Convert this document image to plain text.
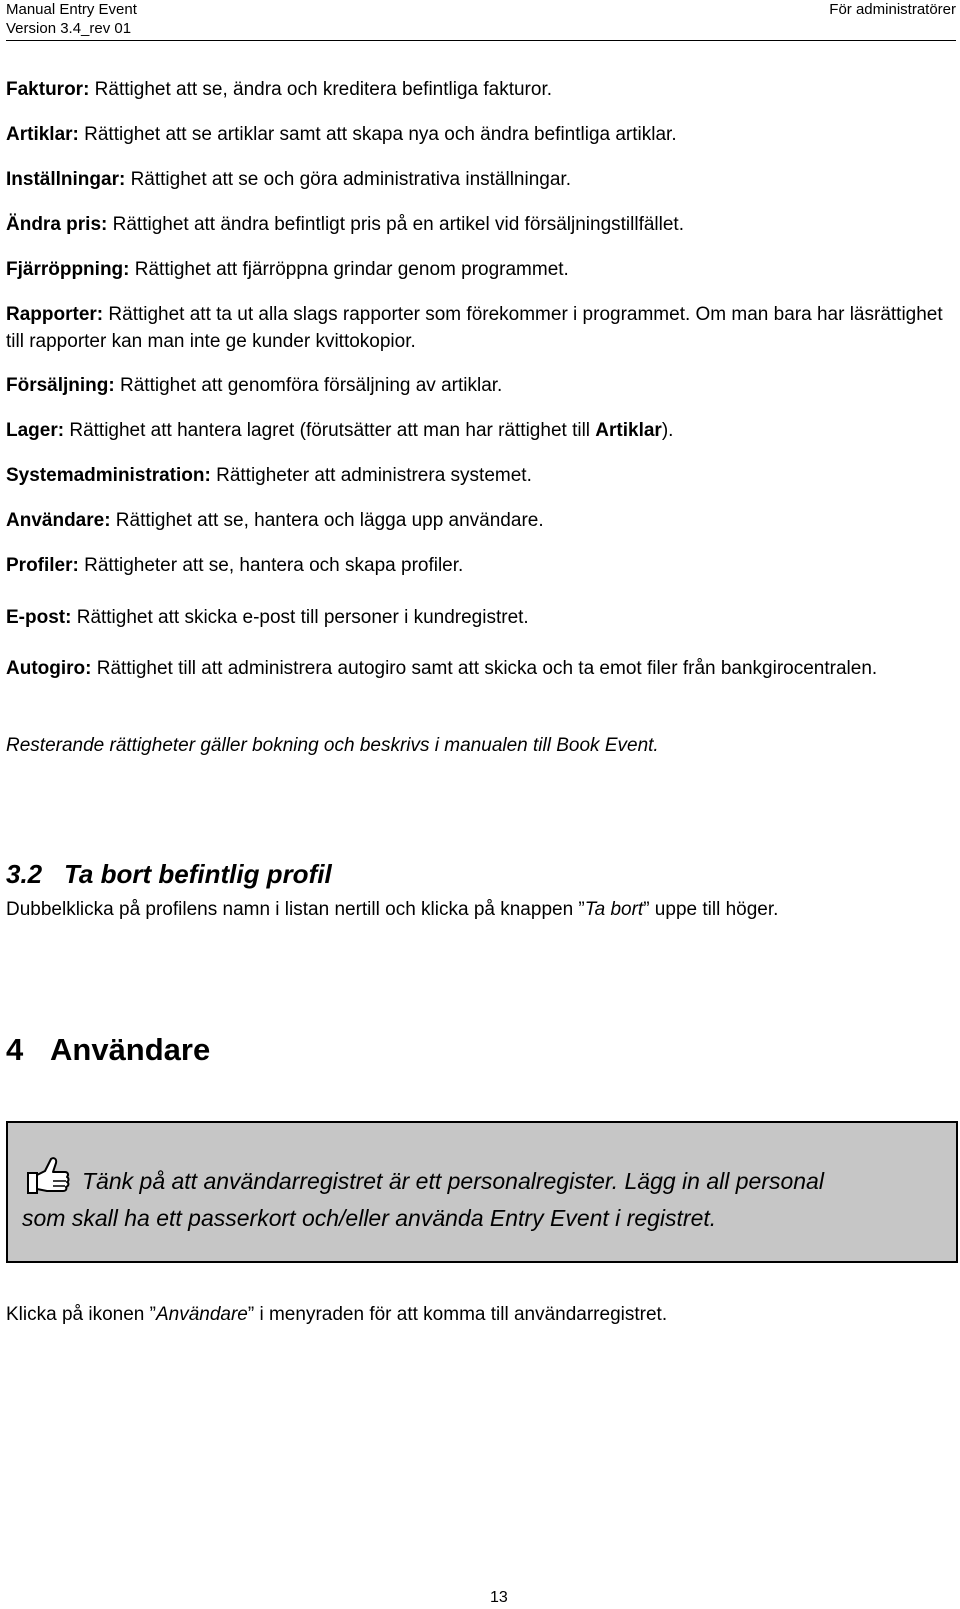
Manual Entry Event
Version 3.4_rev 01
För administratörer

Fakturor: Rättighet att se, ändra och kreditera befintliga fakturor.

Artiklar: Rättighet att se artiklar samt att skapa nya och ändra befintliga artiklar.

Inställningar: Rättighet att se och göra administrativa inställningar.

Ändra pris: Rättighet att ändra befintligt pris på en artikel vid försäljningstillfället.

Fjärröppning: Rättighet att fjärröppna grindar genom programmet.

Rapporter: Rättighet att ta ut alla slags rapporter som förekommer i programmet. Om man bara har läsrättighet till rapporter kan man inte ge kunder kvittokopior.

Försäljning: Rättighet att genomföra försäljning av artiklar.

Lager: Rättighet att hantera lagret (förutsätter att man har rättighet till Artiklar).

Systemadministration: Rättigheter att administrera systemet.

Användare: Rättighet att se, hantera och lägga upp användare.

Profiler: Rättigheter att se, hantera och skapa profiler.

E-post: Rättighet att skicka e-post till personer i kundregistret.

Autogiro: Rättighet till att administrera autogiro samt att skicka och ta emot filer från bankgirocentralen.

Resterande rättigheter gäller bokning och beskrivs i manualen till Book Event.

3.2 Ta bort befintlig profil

Dubbelklicka på profilens namn i listan nertill och klicka på knappen ”Ta bort” uppe till höger.

4 Användare
Tänk på att användarregistret är ett personalregister. Lägg in all personal
som skall ha ett passerkort och/eller använda Entry Event i registret.

Klicka på ikonen ”Användare” i menyraden för att komma till användarregistret.

13
